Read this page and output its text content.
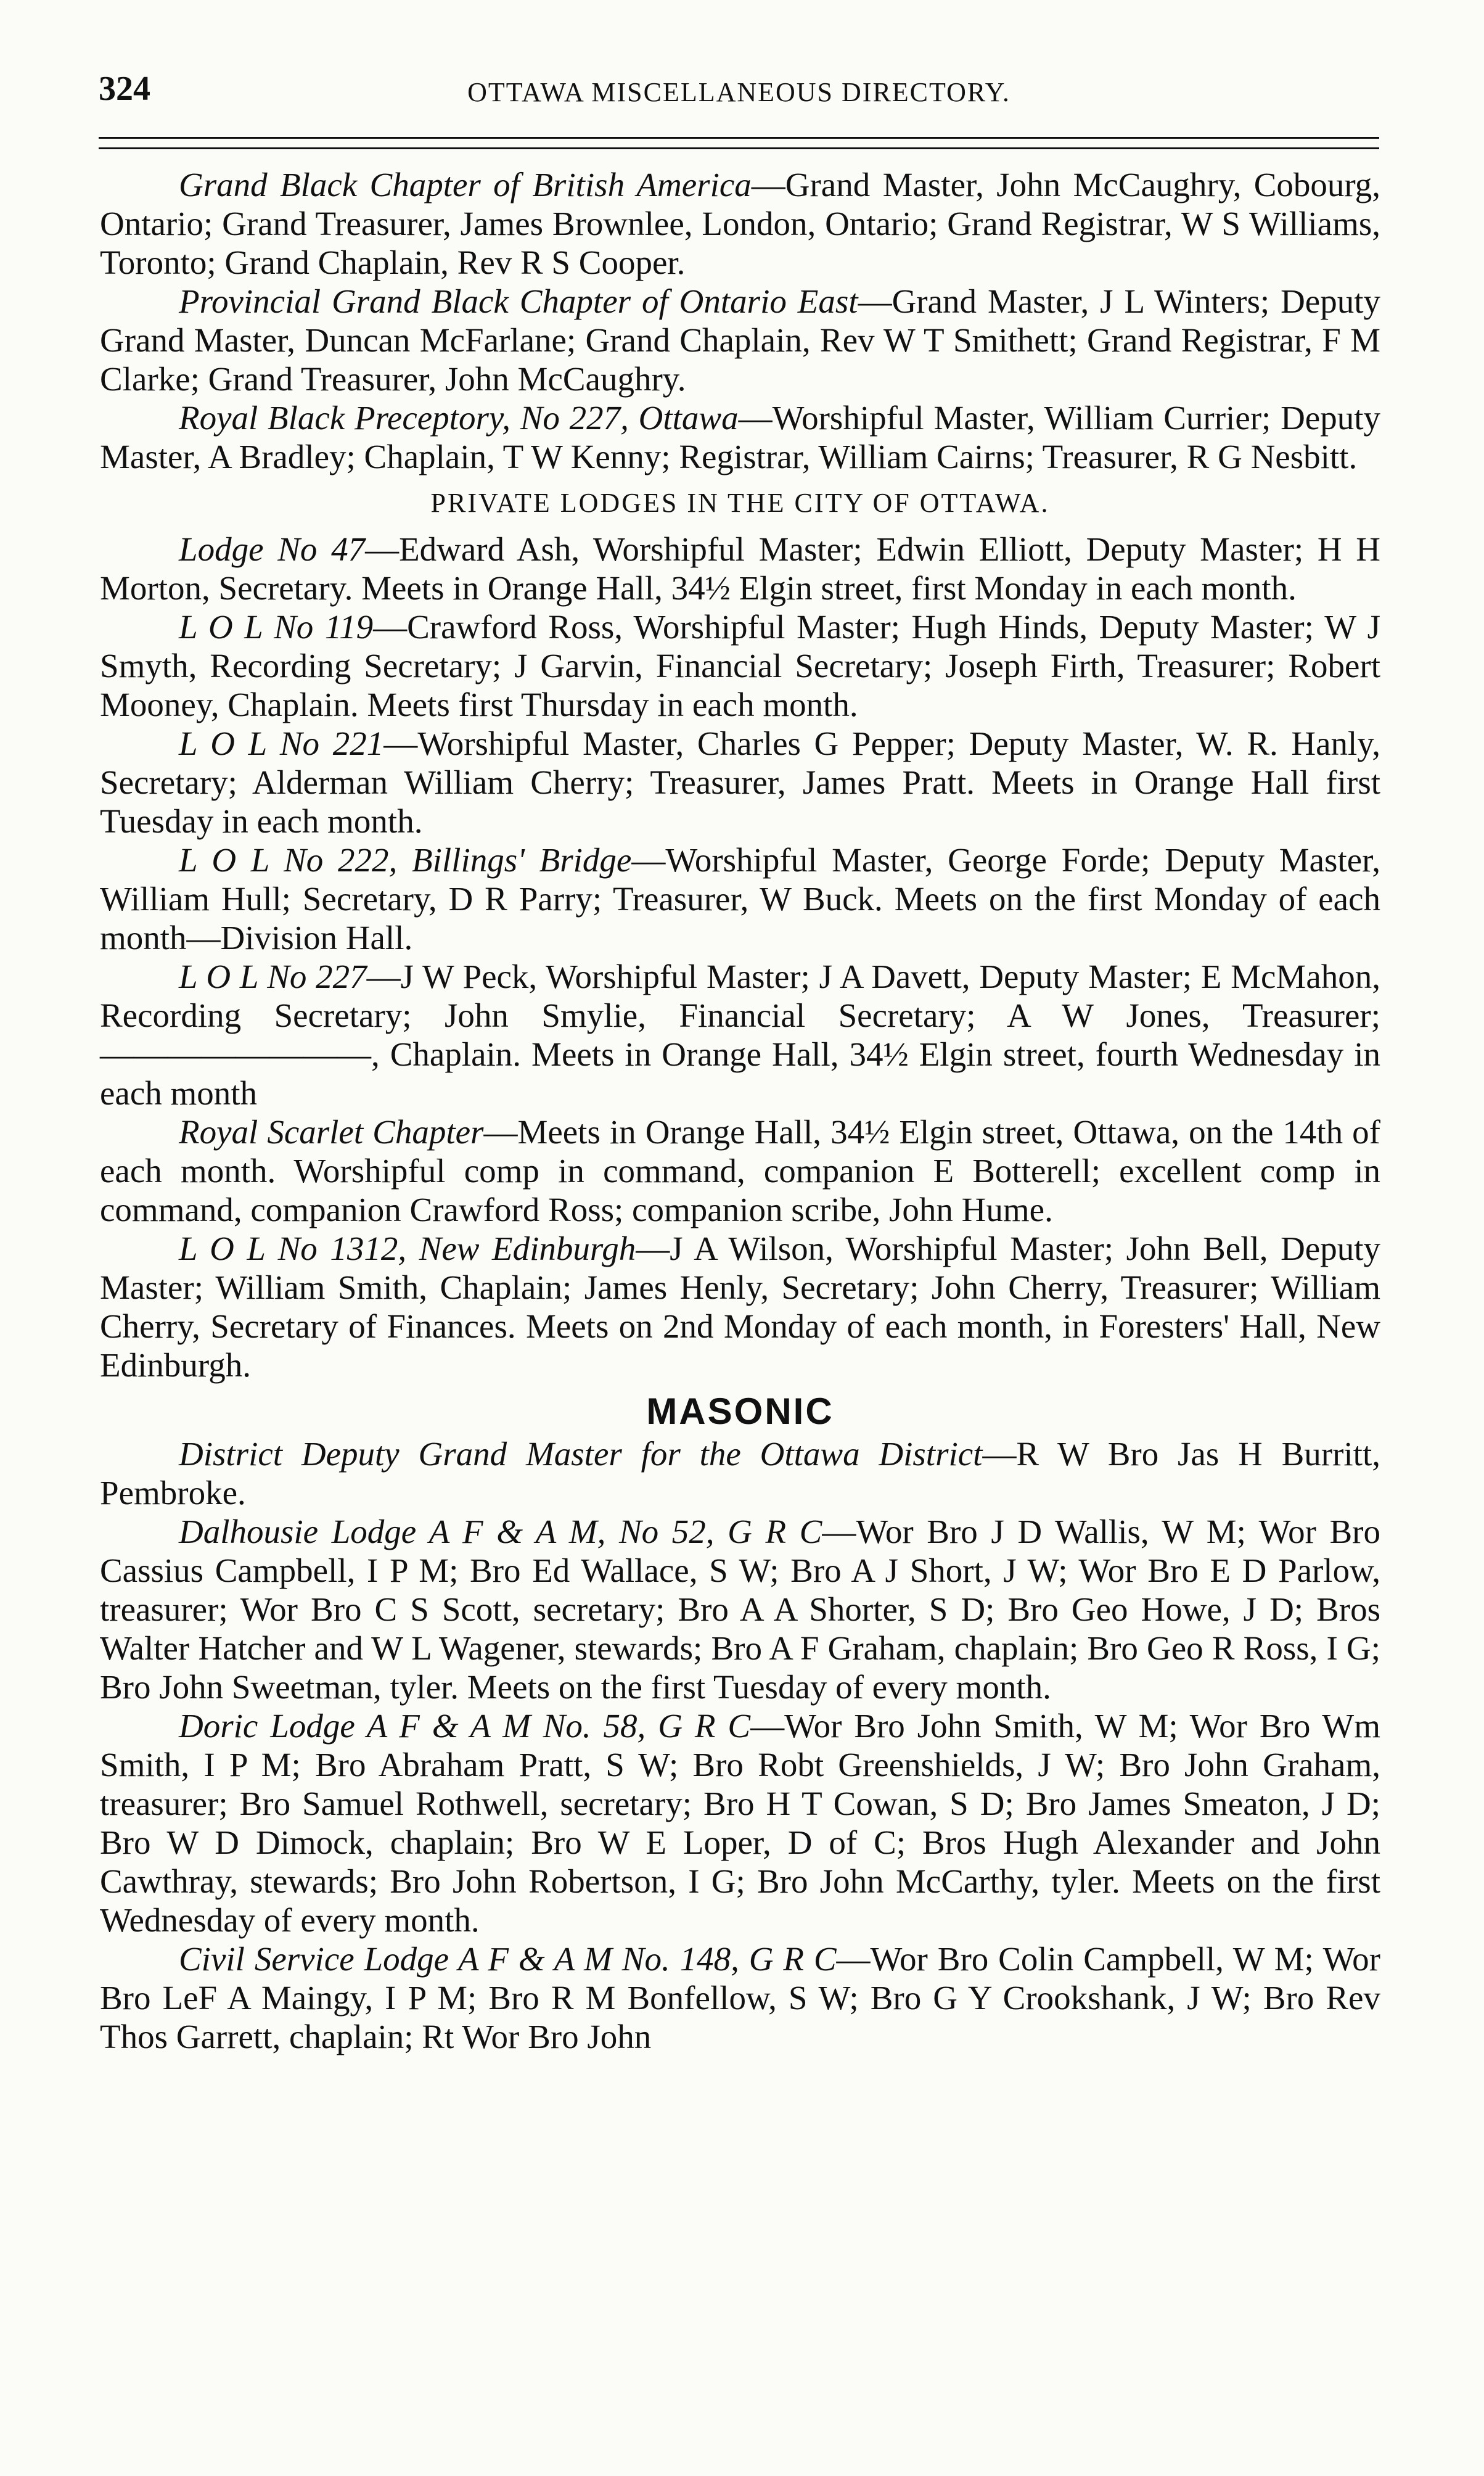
324	OTTAWA MISCELLANEOUS DIRECTORY.

Grand Black Chapter of British America—Grand Master, John McCaughry, Cobourg, Ontario; Grand Treasurer, James Brownlee, London, Ontario; Grand Registrar, W S Williams, Toronto; Grand Chaplain, Rev R S Cooper.

Provincial Grand Black Chapter of Ontario East—Grand Master, J L Winters; Deputy Grand Master, Duncan McFarlane; Grand Chaplain, Rev W T Smithett; Grand Registrar, F M Clarke; Grand Treasurer, John McCaughry.

Royal Black Preceptory, No 227, Ottawa—Worshipful Master, William Currier; Deputy Master, A Bradley; Chaplain, T W Kenny; Registrar, William Cairns; Treasurer, R G Nesbitt.

PRIVATE LODGES IN THE CITY OF OTTAWA.

Lodge No 47—Edward Ash, Worshipful Master; Edwin Elliott, Deputy Master; H H Morton, Secretary. Meets in Orange Hall, 34½ Elgin street, first Monday in each month.

L O L No 119—Crawford Ross, Worshipful Master; Hugh Hinds, Deputy Master; W J Smyth, Recording Secretary; J Garvin, Financial Secretary; Joseph Firth, Treasurer; Robert Mooney, Chaplain. Meets first Thursday in each month.

L O L No 221—Worshipful Master, Charles G Pepper; Deputy Master, W. R. Hanly, Secretary; Alderman William Cherry; Treasurer, James Pratt. Meets in Orange Hall first Tuesday in each month.

L O L No 222, Billings' Bridge—Worshipful Master, George Forde; Deputy Master, William Hull; Secretary, D R Parry; Treasurer, W Buck. Meets on the first Monday of each month—Division Hall.

L O L No 227—J W Peck, Worshipful Master; J A Davett, Deputy Master; E McMahon, Recording Secretary; John Smylie, Financial Secretary; A W Jones, Treasurer; ————————, Chaplain. Meets in Orange Hall, 34½ Elgin street, fourth Wednesday in each month

Royal Scarlet Chapter—Meets in Orange Hall, 34½ Elgin street, Ottawa, on the 14th of each month. Worshipful comp in command, companion E Botterell; excellent comp in command, companion Crawford Ross; companion scribe, John Hume.

L O L No 1312, New Edinburgh—J A Wilson, Worshipful Master; John Bell, Deputy Master; William Smith, Chaplain; James Henly, Secretary; John Cherry, Treasurer; William Cherry, Secretary of Finances. Meets on 2nd Monday of each month, in Foresters' Hall, New Edinburgh.

MASONIC

District Deputy Grand Master for the Ottawa District—R W Bro Jas H Burritt, Pembroke.

Dalhousie Lodge A F & A M, No 52, G R C—Wor Bro J D Wallis, W M; Wor Bro Cassius Campbell, I P M; Bro Ed Wallace, S W; Bro A J Short, J W; Wor Bro E D Parlow, treasurer; Wor Bro C S Scott, secretary; Bro A A Shorter, S D; Bro Geo Howe, J D; Bros Walter Hatcher and W L Wagener, stewards; Bro A F Graham, chaplain; Bro Geo R Ross, I G; Bro John Sweetman, tyler. Meets on the first Tuesday of every month.

Doric Lodge A F & A M No. 58, G R C—Wor Bro John Smith, W M; Wor Bro Wm Smith, I P M; Bro Abraham Pratt, S W; Bro Robt Greenshields, J W; Bro John Graham, treasurer; Bro Samuel Rothwell, secretary; Bro H T Cowan, S D; Bro James Smeaton, J D; Bro W D Dimock, chaplain; Bro W E Loper, D of C; Bros Hugh Alexander and John Cawthray, stewards; Bro John Robertson, I G; Bro John McCarthy, tyler. Meets on the first Wednesday of every month.

Civil Service Lodge A F & A M No. 148, G R C—Wor Bro Colin Campbell, W M; Wor Bro LeF A Maingy, I P M; Bro R M Bonfellow, S W; Bro G Y Crookshank, J W; Bro Rev Thos Garrett, chaplain; Rt Wor Bro John
